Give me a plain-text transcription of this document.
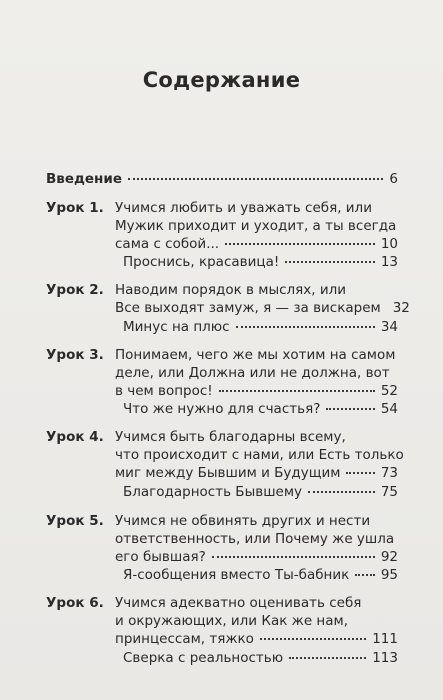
Содержание
Введение	6
Урок 1. Учимся любить и уважать себя, или
Мужик приходит и уходит, а ты всегда
сама с собой...	10
Проснись, красавица!	13
Урок 2. Наводим порядок в мыслях, или
Все выходят замуж, я — за вискарем 32
Минус на плюс	34
Урок 3. Понимаем, чего же мы хотим на самом
деле, или Должна или не должна, вот
в чем вопрос!	52
Что же нужно для счастья?	54
Урок 4. Учимся быть благодарны всему,
что происходит с нами, или Есть только
миг между Бывшим и Будущим	73
Благодарность Бывшему	75
Урок 5. Учимся не обвинять других и нести
ответственность, или Почему же ушла
его бывшая?	92
Я-сообщения вместо Ты-бабник 95
Урок 6. Учимся адекватно оценивать себя
и окружающих, или Как же нам,
принцессам, тяжко	111
Сверка с реальностью	113
